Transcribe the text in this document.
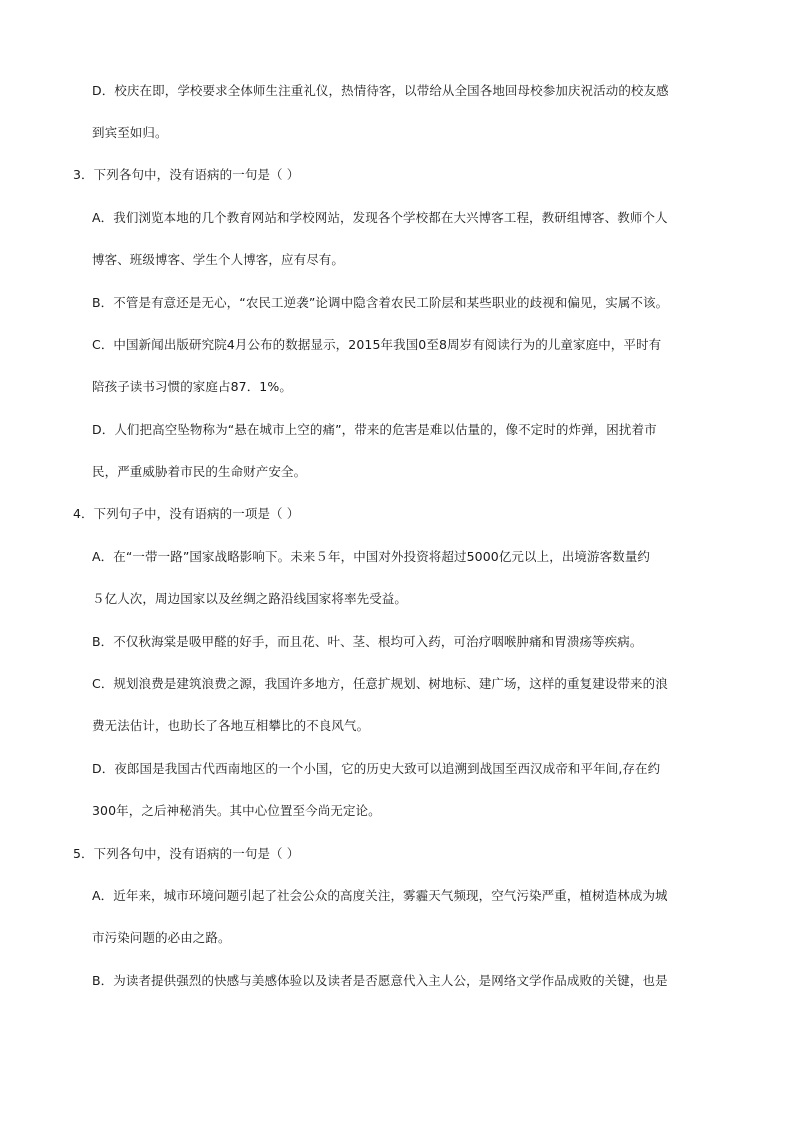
D．校庆在即，学校要求全体师生注重礼仪，热情待客，以带给从全国各地回母校参加庆祝活动的校友感
到宾至如归。
3．下列各句中，没有语病的一句是（ ）
A．我们浏览本地的几个教育网站和学校网站，发现各个学校都在大兴博客工程，教研组博客、教师个人
博客、班级博客、学生个人博客，应有尽有。
B．不管是有意还是无心，“农民工逆袭”论调中隐含着农民工阶层和某些职业的歧视和偏见，实属不该。
C．中国新闻出版研究院4月公布的数据显示，2015年我国0至8周岁有阅读行为的儿童家庭中，平时有
陪孩子读书习惯的家庭占87．1%。
D．人们把高空坠物称为“悬在城市上空的痛”，带来的危害是难以估量的，像不定时的炸弹，困扰着市
民，严重威胁着市民的生命财产安全。
4．下列句子中，没有语病的一项是（ ）
A．在“一带一路”国家战略影响下。未来５年，中国对外投资将超过5000亿元以上，出境游客数量约
５亿人次，周边国家以及丝绸之路沿线国家将率先受益。
B．不仅秋海棠是吸甲醛的好手，而且花、叶、茎、根均可入药，可治疗咽喉肿痛和胃溃疡等疾病。
C．规划浪费是建筑浪费之源，我国许多地方，任意扩规划、树地标、建广场，这样的重复建设带来的浪
费无法估计，也助长了各地互相攀比的不良风气。
D．夜郎国是我国古代西南地区的一个小国，它的历史大致可以追溯到战国至西汉成帝和平年间,存在约
300年，之后神秘消失。其中心位置至今尚无定论。
5．下列各句中，没有语病的一句是（ ）
A．近年来，城市环境问题引起了社会公众的高度关注，雾霾天气频现，空气污染严重，植树造林成为城
市污染问题的必由之路。
B．为读者提供强烈的快感与美感体验以及读者是否愿意代入主人公，是网络文学作品成败的关键，也是
